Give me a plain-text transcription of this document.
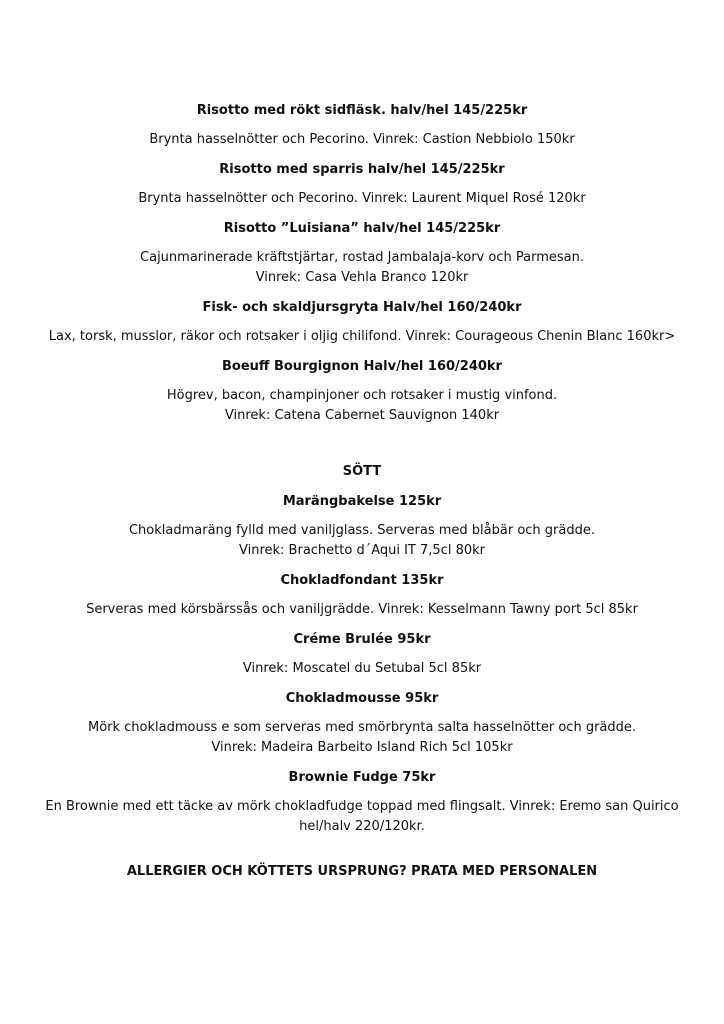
Risotto med rökt sidfläsk. halv/hel 145/225kr

Brynta hasselnötter och Pecorino. Vinrek: Castion Nebbiolo 150kr

Risotto med sparris halv/hel 145/225kr

Brynta hasselnötter och Pecorino. Vinrek: Laurent Miquel Rosé 120kr

Risotto ”Luisiana” halv/hel 145/225kr

Cajunmarinerade kräftstjärtar, rostad Jambalaja-korv och Parmesan.
Vinrek: Casa Vehla Branco 120kr

Fisk- och skaldjursgryta Halv/hel 160/240kr

Lax, torsk, musslor, räkor och rotsaker i oljig chilifond. Vinrek: Courageous Chenin Blanc 160kr>

Boeuff Bourgignon Halv/hel 160/240kr

Högrev, bacon, champinjoner och rotsaker i mustig vinfond.
Vinrek: Catena Cabernet Sauvignon 140kr

SÖTT

Marängbakelse 125kr

Chokladmaräng fylld med vaniljglass. Serveras med blåbär och grädde.
Vinrek: Brachetto d´Aqui IT 7,5cl 80kr

Chokladfondant 135kr

Serveras med körsbärssås och vaniljgrädde. Vinrek: Kesselmann Tawny port 5cl 85kr

Créme Brulée 95kr

Vinrek: Moscatel du Setubal 5cl 85kr

Chokladmousse 95kr

Mörk chokladmouss e som serveras med smörbrynta salta hasselnötter och grädde.
Vinrek: Madeira Barbeito Island Rich 5cl 105kr

Brownie Fudge 75kr

En Brownie med ett täcke av mörk chokladfudge toppad med flingsalt. Vinrek: Eremo san Quirico
hel/halv 220/120kr.

ALLERGIER OCH KÖTTETS URSPRUNG? PRATA MED PERSONALEN
